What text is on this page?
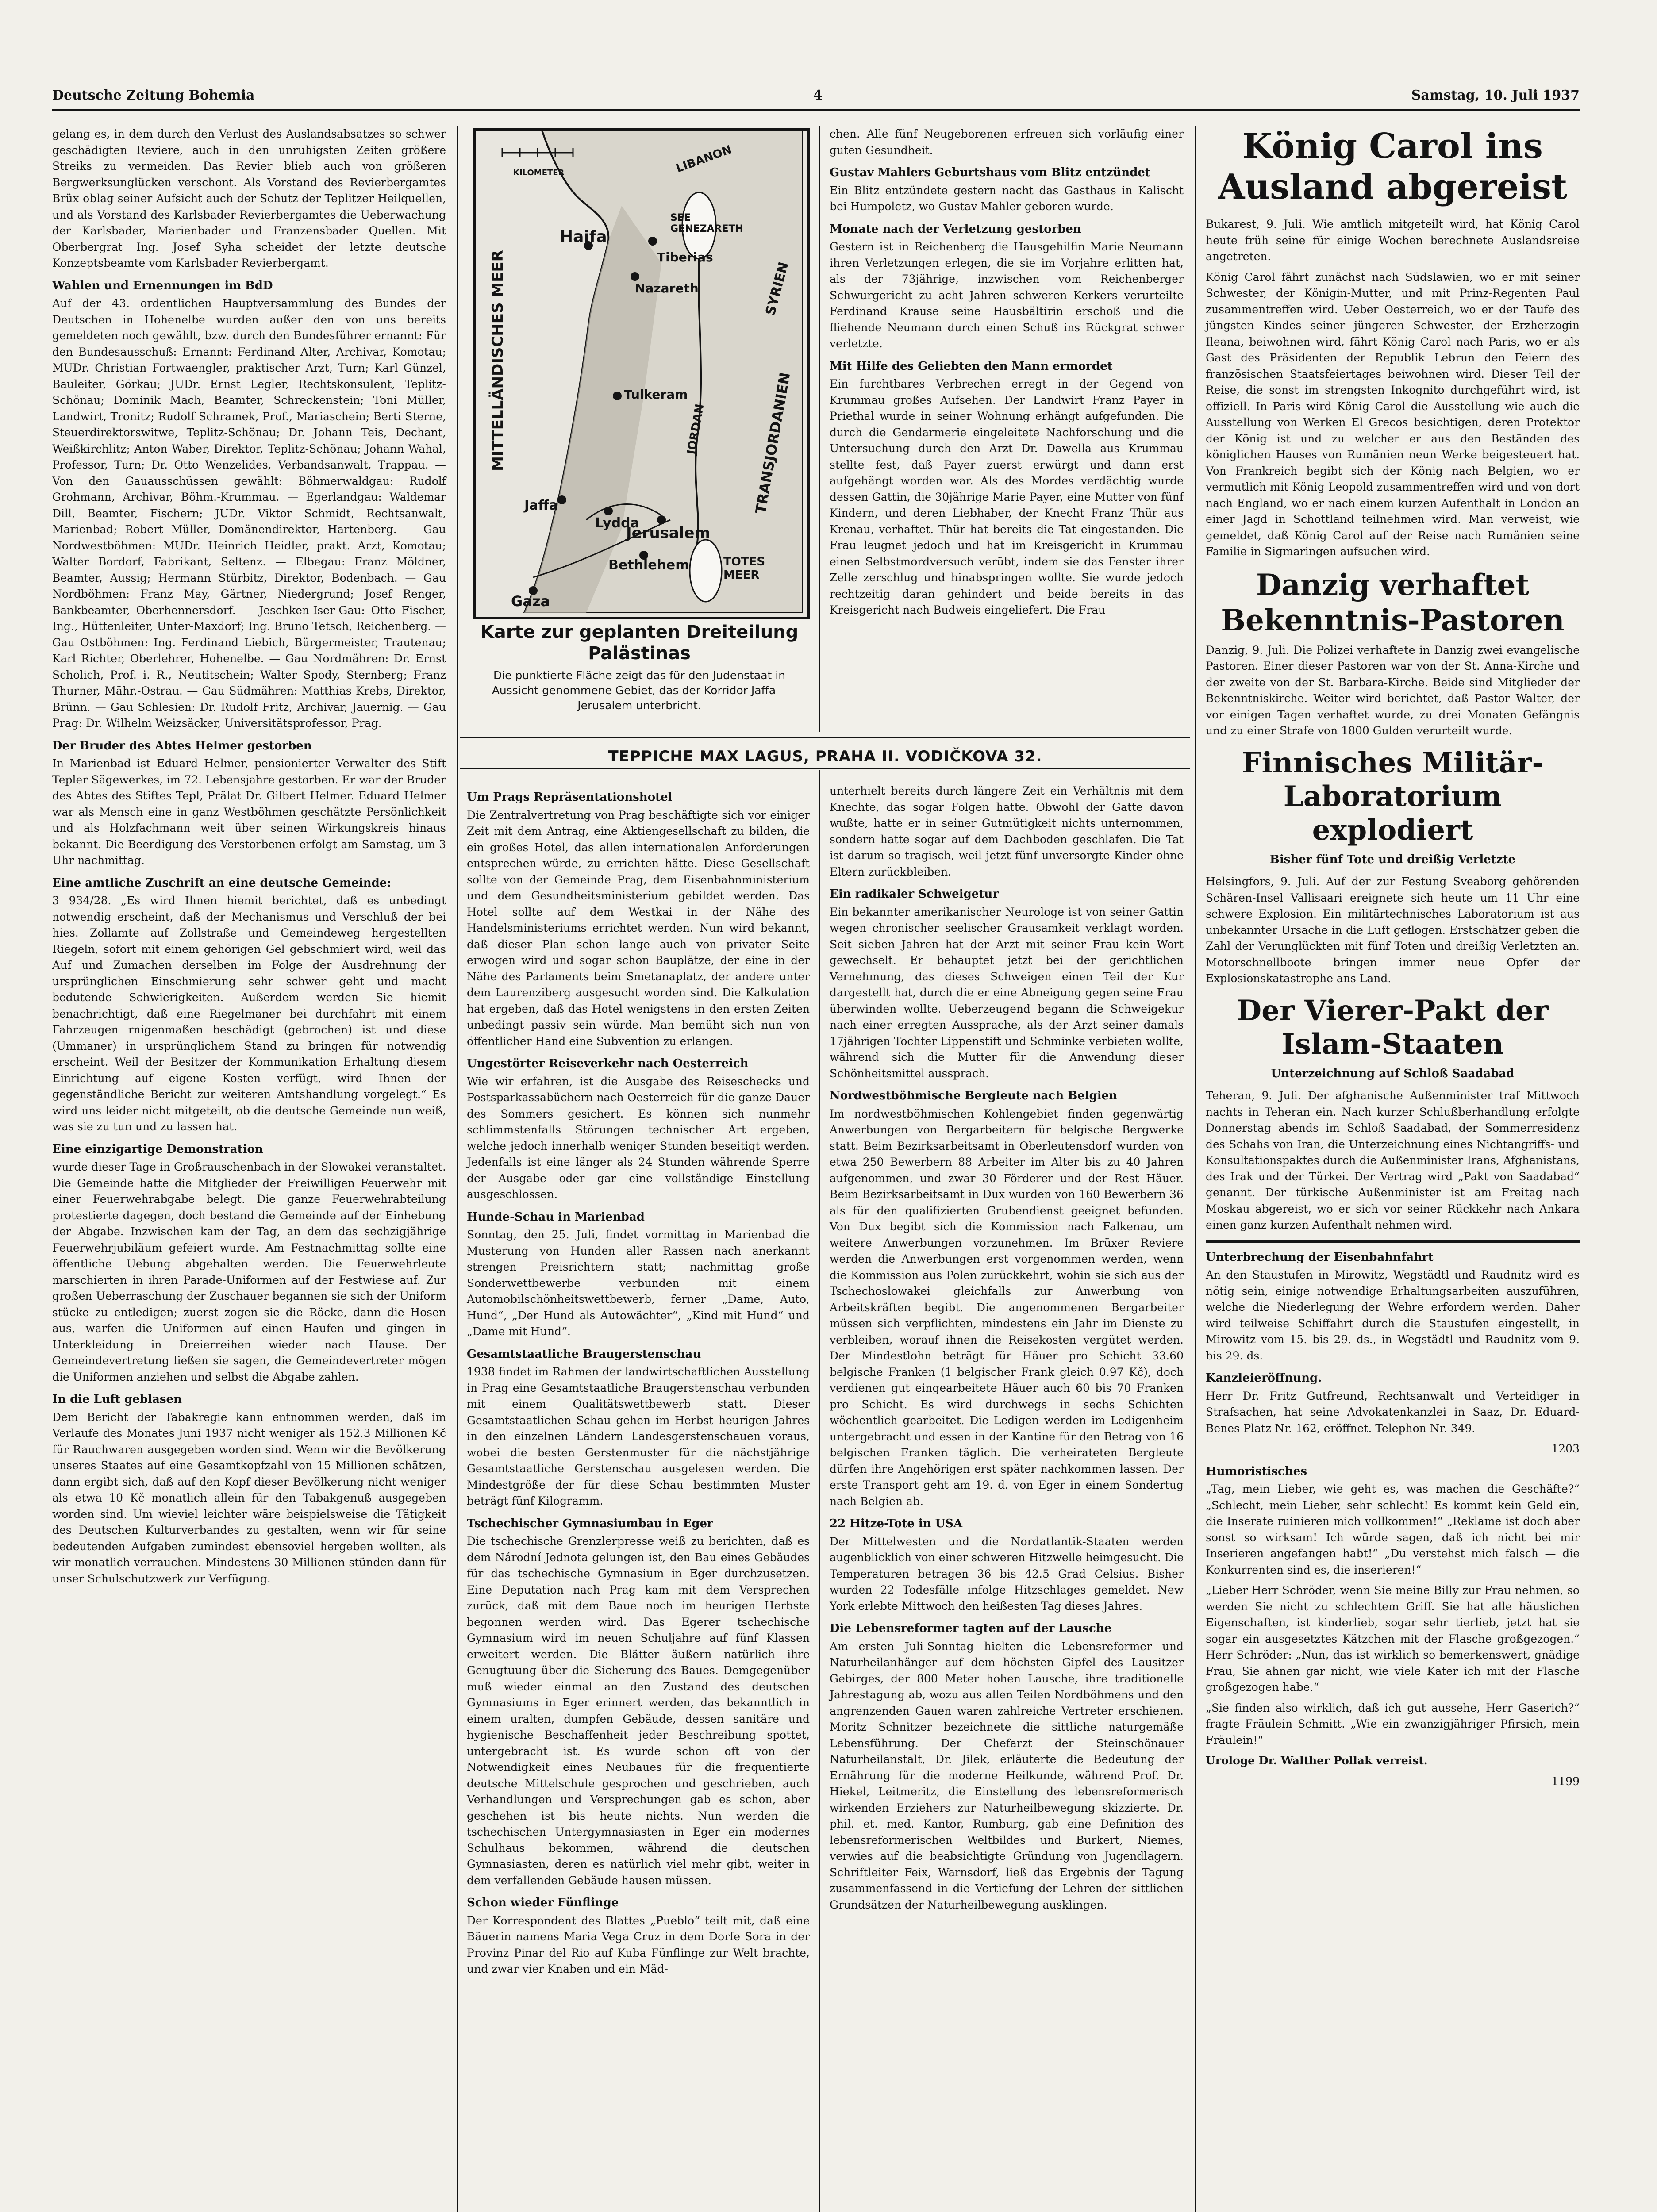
Deutsche Zeitung Bohemia	4	Samstag, 10. Juli 1937

gelang es, in dem durch den Verlust des Auslandsabsatzes so schwer geschädigten Reviere, auch in den unruhigsten Zeiten größere Streiks zu vermeiden. Das Revier blieb auch von größeren Bergwerksunglücken verschont. Als Vorstand des Revierbergamtes Brüx oblag seiner Aufsicht auch der Schutz der Teplitzer Heilquellen, und als Vorstand des Karlsbader Revierbergamtes die Ueberwachung der Karlsbader, Marienbader und Franzensbader Quellen. Mit Oberbergrat Ing. Josef Syha scheidet der letzte deutsche Konzeptsbeamte vom Karlsbader Revierbergamt.

Wahlen und Ernennungen im BdD

Auf der 43. ordentlichen Hauptversammlung des Bundes der Deutschen in Hohenelbe wurden außer den von uns bereits gemeldeten noch gewählt, bzw. durch den Bundesführer ernannt: Für den Bundesausschuß: Ernannt: Ferdinand Alter, Archivar, Komotau; MUDr. Christian Fortwaengler, praktischer Arzt, Turn; Karl Günzel, Bauleiter, Görkau; JUDr. Ernst Legler, Rechtskonsulent, Teplitz-Schönau; Dominik Mach, Beamter, Schreckenstein; Toni Müller, Landwirt, Tronitz; Rudolf Schramek, Prof., Mariaschein; Berti Sterne, Steuerdirektorswitwe, Teplitz-Schönau; Dr. Johann Teis, Dechant, Weißkirchlitz; Anton Waber, Direktor, Teplitz-Schönau; Johann Wahal, Professor, Turn; Dr. Otto Wenzelides, Verbandsanwalt, Trappau. — Von den Gauausschüssen gewählt: Böhmerwaldgau: Rudolf Grohmann, Archivar, Böhm.-Krummau. — Egerlandgau: Waldemar Dill, Beamter, Fischern; JUDr. Viktor Schmidt, Rechtsanwalt, Marienbad; Robert Müller, Domänendirektor, Hartenberg. — Gau Nordwestböhmen: MUDr. Heinrich Heidler, prakt. Arzt, Komotau; Walter Bordorf, Fabrikant, Seltenz. — Elbegau: Franz Möldner, Beamter, Aussig; Hermann Stürbitz, Direktor, Bodenbach. — Gau Nordböhmen: Franz May, Gärtner, Niedergrund; Josef Renger, Bankbeamter, Oberhennersdorf. — Jeschken-Iser-Gau: Otto Fischer, Ing., Hüttenleiter, Unter-Maxdorf; Ing. Bruno Tetsch, Reichenberg. — Gau Ostböhmen: Ing. Ferdinand Liebich, Bürgermeister, Trautenau; Karl Richter, Oberlehrer, Hohenelbe. — Gau Nordmähren: Dr. Ernst Scholich, Prof. i. R., Neutitschein; Walter Spody, Sternberg; Franz Thurner, Mähr.-Ostrau. — Gau Südmähren: Matthias Krebs, Direktor, Brünn. — Gau Schlesien: Dr. Rudolf Fritz, Archivar, Jauernig. — Gau Prag: Dr. Wilhelm Weizsäcker, Universitätsprofessor, Prag.

Der Bruder des Abtes Helmer gestorben

In Marienbad ist Eduard Helmer, pensionierter Verwalter des Stift Tepler Sägewerkes, im 72. Lebensjahre gestorben. Er war der Bruder des Abtes des Stiftes Tepl, Prälat Dr. Gilbert Helmer. Eduard Helmer war als Mensch eine in ganz Westböhmen geschätzte Persönlichkeit und als Holzfachmann weit über seinen Wirkungskreis hinaus bekannt. Die Beerdigung des Verstorbenen erfolgt am Samstag, um 3 Uhr nachmittag.

Eine amtliche Zuschrift an eine deutsche Gemeinde:

3 934/28. „Es wird Ihnen hiemit berichtet, daß es unbedingt notwendig erscheint, daß der Mechanismus und Verschluß der bei hies. Zollamte auf Zollstraße und Gemeindeweg hergestellten Riegeln, sofort mit einem gehörigen Gel gebschmiert wird, weil das Auf und Zumachen derselben im Folge der Ausdrehnung der ursprünglichen Einschmierung sehr schwer geht und macht bedutende Schwierigkeiten. Außerdem werden Sie hiemit benachrichtigt, daß eine Riegelmaner bei durchfahrt mit einem Fahrzeugen rnigenmaßen beschädigt (gebrochen) ist und diese (Ummaner) in ursprünglichem Stand zu bringen für notwendig erscheint. Weil der Besitzer der Kommunikation Erhaltung diesem Einrichtung auf eigene Kosten verfügt, wird Ihnen der gegenständliche Bericht zur weiteren Amtshandlung vorgelegt.“ Es wird uns leider nicht mitgeteilt, ob die deutsche Gemeinde nun weiß, was sie zu tun und zu lassen hat.

Eine einzigartige Demonstration

wurde dieser Tage in Großrauschenbach in der Slowakei veranstaltet. Die Gemeinde hatte die Mitglieder der Freiwilligen Feuerwehr mit einer Feuerwehrabgabe belegt. Die ganze Feuerwehrabteilung protestierte dagegen, doch bestand die Gemeinde auf der Einhebung der Abgabe. Inzwischen kam der Tag, an dem das sechzigjährige Feuerwehrjubiläum gefeiert wurde. Am Festnachmittag sollte eine öffentliche Uebung abgehalten werden. Die Feuerwehrleute marschierten in ihren Parade-Uniformen auf der Festwiese auf. Zur großen Ueberraschung der Zuschauer begannen sie sich der Uniform stücke zu entledigen; zuerst zogen sie die Röcke, dann die Hosen aus, warfen die Uniformen auf einen Haufen und gingen in Unterkleidung in Dreierreihen wieder nach Hause. Der Gemeindevertretung ließen sie sagen, die Gemeindevertreter mögen die Uniformen anziehen und selbst die Abgabe zahlen.

In die Luft geblasen

Dem Bericht der Tabakregie kann entnommen werden, daß im Verlaufe des Monates Juni 1937 nicht weniger als 152.3 Millionen Kč für Rauchwaren ausgegeben worden sind. Wenn wir die Bevölkerung unseres Staates auf eine Gesamtkopfzahl von 15 Millionen schätzen, dann ergibt sich, daß auf den Kopf dieser Bevölkerung nicht weniger als etwa 10 Kč monatlich allein für den Tabakgenuß ausgegeben worden sind. Um wieviel leichter wäre beispielsweise die Tätigkeit des Deutschen Kulturverbandes zu gestalten, wenn wir für seine bedeutenden Aufgaben zumindest ebensoviel hergeben wollten, als wir monatlich verrauchen. Mindestens 30 Millionen stünden dann für unser Schulschutzwerk zur Verfügung.

KILOMETER	LIBANON
SEE GENEZARETH
SYRIEN
Haifa
Tiberias
Nazareth
MITTELLÄNDISCHES MEER	Tulkeram
JORDAN	TRANSJORDANIEN
Jaffa
Lydda
Jerusalem
Bethlehem	TOTES MEER
Gaza
Karte zur geplanten Dreiteilung Palästinas
Die punktierte Fläche zeigt das für den Judenstaat in Aussicht genommene Gebiet, das der Korridor Jaffa—Jerusalem unterbricht.

chen. Alle fünf Neugeborenen erfreuen sich vorläufig einer guten Gesundheit.

Gustav Mahlers Geburtshaus vom Blitz entzündet

Ein Blitz entzündete gestern nacht das Gasthaus in Kalischt bei Humpoletz, wo Gustav Mahler geboren wurde.

Monate nach der Verletzung gestorben

Gestern ist in Reichenberg die Hausgehilfin Marie Neumann ihren Verletzungen erlegen, die sie im Vorjahre erlitten hat, als der 73jährige, inzwischen vom Reichenberger Schwurgericht zu acht Jahren schweren Kerkers verurteilte Ferdinand Krause seine Hausbältirin erschoß und die fliehende Neumann durch einen Schuß ins Rückgrat schwer verletzte.

Mit Hilfe des Geliebten den Mann ermordet

Ein furchtbares Verbrechen erregt in der Gegend von Krummau großes Aufsehen. Der Landwirt Franz Payer in Priethal wurde in seiner Wohnung erhängt aufgefunden. Die durch die Gendarmerie eingeleitete Nachforschung und die Untersuchung durch den Arzt Dr. Dawella aus Krummau stellte fest, daß Payer zuerst erwürgt und dann erst aufgehängt worden war. Als des Mordes verdächtig wurde dessen Gattin, die 30jährige Marie Payer, eine Mutter von fünf Kindern, und deren Liebhaber, der Knecht Franz Thür aus Krenau, verhaftet. Thür hat bereits die Tat eingestanden. Die Frau leugnet jedoch und hat im Kreisgericht in Krummau einen Selbstmordversuch verübt, indem sie das Fenster ihrer Zelle zerschlug und hinabspringen wollte. Sie wurde jedoch rechtzeitig daran gehindert und beide bereits in das Kreisgericht nach Budweis eingeliefert. Die Frau

TEPPICHE MAX LAGUS, PRAHA II. VODIČKOVA 32.
Um Prags Repräsentationshotel

Die Zentralvertretung von Prag beschäftigte sich vor einiger Zeit mit dem Antrag, eine Aktiengesellschaft zu bilden, die ein großes Hotel, das allen internationalen Anforderungen entsprechen würde, zu errichten hätte. Diese Gesellschaft sollte von der Gemeinde Prag, dem Eisenbahnministerium und dem Gesundheitsministerium gebildet werden. Das Hotel sollte auf dem Westkai in der Nähe des Handelsministeriums errichtet werden. Nun wird bekannt, daß dieser Plan schon lange auch von privater Seite erwogen wird und sogar schon Bauplätze, der eine in der Nähe des Parlaments beim Smetanaplatz, der andere unter dem Laurenziberg ausgesucht worden sind. Die Kalkulation hat ergeben, daß das Hotel wenigstens in den ersten Zeiten unbedingt passiv sein würde. Man bemüht sich nun von öffentlicher Hand eine Subvention zu erlangen.

Ungestörter Reiseverkehr nach Oesterreich

Wie wir erfahren, ist die Ausgabe des Reiseschecks und Postsparkassabüchern nach Oesterreich für die ganze Dauer des Sommers gesichert. Es können sich nunmehr schlimmstenfalls Störungen technischer Art ergeben, welche jedoch innerhalb weniger Stunden beseitigt werden. Jedenfalls ist eine länger als 24 Stunden währende Sperre der Ausgabe oder gar eine vollständige Einstellung ausgeschlossen.

Hunde-Schau in Marienbad

Sonntag, den 25. Juli, findet vormittag in Marienbad die Musterung von Hunden aller Rassen nach anerkannt strengen Preisrichtern statt; nachmittag große Sonderwettbewerbe verbunden mit einem Automobilschönheitswettbewerb, ferner „Dame, Auto, Hund“, „Der Hund als Autowächter“, „Kind mit Hund“ und „Dame mit Hund“.

Gesamtstaatliche Braugerstenschau

1938 findet im Rahmen der landwirtschaftlichen Ausstellung in Prag eine Gesamtstaatliche Braugerstenschau verbunden mit einem Qualitätswettbewerb statt. Dieser Gesamtstaatlichen Schau gehen im Herbst heurigen Jahres in den einzelnen Ländern Landesgerstenschauen voraus, wobei die besten Gerstenmuster für die nächstjährige Gesamtstaatliche Gerstenschau ausgelesen werden. Die Mindestgröße der für diese Schau bestimmten Muster beträgt fünf Kilogramm.

Tschechischer Gymnasiumbau in Eger

Die tschechische Grenzlerpresse weiß zu berichten, daß es dem Národní Jednota gelungen ist, den Bau eines Gebäudes für das tschechische Gymnasium in Eger durchzusetzen. Eine Deputation nach Prag kam mit dem Versprechen zurück, daß mit dem Baue noch im heurigen Herbste begonnen werden wird. Das Egerer tschechische Gymnasium wird im neuen Schuljahre auf fünf Klassen erweitert werden. Die Blätter äußern natürlich ihre Genugtuung über die Sicherung des Baues. Demgegenüber muß wieder einmal an den Zustand des deutschen Gymnasiums in Eger erinnert werden, das bekanntlich in einem uralten, dumpfen Gebäude, dessen sanitäre und hygienische Beschaffenheit jeder Beschreibung spottet, untergebracht ist. Es wurde schon oft von der Notwendigkeit eines Neubaues für die frequentierte deutsche Mittelschule gesprochen und geschrieben, auch Verhandlungen und Versprechungen gab es schon, aber geschehen ist bis heute nichts. Nun werden die tschechischen Untergymnasiasten in Eger ein modernes Schulhaus bekommen, während die deutschen Gymnasiasten, deren es natürlich viel mehr gibt, weiter in dem verfallenden Gebäude hausen müssen.

Schon wieder Fünflinge

Der Korrespondent des Blattes „Pueblo“ teilt mit, daß eine Bäuerin namens Maria Vega Cruz in dem Dorfe Sora in der Provinz Pinar del Rio auf Kuba Fünflinge zur Welt brachte, und zwar vier Knaben und ein Mäd-

unterhielt bereits durch längere Zeit ein Verhältnis mit dem Knechte, das sogar Folgen hatte. Obwohl der Gatte davon wußte, hatte er in seiner Gutmütigkeit nichts unternommen, sondern hatte sogar auf dem Dachboden geschlafen. Die Tat ist darum so tragisch, weil jetzt fünf unversorgte Kinder ohne Eltern zurückbleiben.

Ein radikaler Schweigetur

Ein bekannter amerikanischer Neurologe ist von seiner Gattin wegen chronischer seelischer Grausamkeit verklagt worden. Seit sieben Jahren hat der Arzt mit seiner Frau kein Wort gewechselt. Er behauptet jetzt bei der gerichtlichen Vernehmung, das dieses Schweigen einen Teil der Kur dargestellt hat, durch die er eine Abneigung gegen seine Frau überwinden wollte. Ueberzeugend begann die Schweigekur nach einer erregten Aussprache, als der Arzt seiner damals 17jährigen Tochter Lippenstift und Schminke verbieten wollte, während sich die Mutter für die Anwendung dieser Schönheitsmittel aussprach.

Nordwestböhmische Bergleute nach Belgien

Im nordwestböhmischen Kohlengebiet finden gegenwärtig Anwerbungen von Bergarbeitern für belgische Bergwerke statt. Beim Bezirksarbeitsamt in Oberleutensdorf wurden von etwa 250 Bewerbern 88 Arbeiter im Alter bis zu 40 Jahren aufgenommen, und zwar 30 Förderer und der Rest Häuer. Beim Bezirksarbeitsamt in Dux wurden von 160 Bewerbern 36 als für den qualifizierten Grubendienst geeignet befunden. Von Dux begibt sich die Kommission nach Falkenau, um weitere Anwerbungen vorzunehmen. Im Brüxer Reviere werden die Anwerbungen erst vorgenommen werden, wenn die Kommission aus Polen zurückkehrt, wohin sie sich aus der Tschechoslowakei gleichfalls zur Anwerbung von Arbeitskräften begibt. Die angenommenen Bergarbeiter müssen sich verpflichten, mindestens ein Jahr im Dienste zu verbleiben, worauf ihnen die Reisekosten vergütet werden. Der Mindestlohn beträgt für Häuer pro Schicht 33.60 belgische Franken (1 belgischer Frank gleich 0.97 Kč), doch verdienen gut eingearbeitete Häuer auch 60 bis 70 Franken pro Schicht. Es wird durchwegs in sechs Schichten wöchentlich gearbeitet. Die Ledigen werden im Ledigenheim untergebracht und essen in der Kantine für den Betrag von 16 belgischen Franken täglich. Die verheirateten Bergleute dürfen ihre Angehörigen erst später nachkommen lassen. Der erste Transport geht am 19. d. von Eger in einem Sondertug nach Belgien ab.

22 Hitze-Tote in USA

Der Mittelwesten und die Nordatlantik-Staaten werden augenblicklich von einer schweren Hitzwelle heimgesucht. Die Temperaturen betragen 36 bis 42.5 Grad Celsius. Bisher wurden 22 Todesfälle infolge Hitzschlages gemeldet. New York erlebte Mittwoch den heißesten Tag dieses Jahres.

Die Lebensreformer tagten auf der Lausche

Am ersten Juli-Sonntag hielten die Lebensreformer und Naturheilanhänger auf dem höchsten Gipfel des Lausitzer Gebirges, der 800 Meter hohen Lausche, ihre traditionelle Jahrestagung ab, wozu aus allen Teilen Nordböhmens und den angrenzenden Gauen waren zahlreiche Vertreter erschienen. Moritz Schnitzer bezeichnete die sittliche naturgemäße Lebensführung. Der Chefarzt der Steinschönauer Naturheilanstalt, Dr. Jilek, erläuterte die Bedeutung der Ernährung für die moderne Heilkunde, während Prof. Dr. Hiekel, Leitmeritz, die Einstellung des lebensreformerisch wirkenden Erziehers zur Naturheilbewegung skizzierte. Dr. phil. et. med. Kantor, Rumburg, gab eine Definition des lebensreformerischen Weltbildes und Burkert, Niemes, verwies auf die beabsichtigte Gründung von Jugendlagern. Schriftleiter Feix, Warnsdorf, ließ das Ergebnis der Tagung zusammenfassend in die Vertiefung der Lehren der sittlichen Grundsätzen der Naturheilbewegung ausklingen.

König Carol ins Ausland abgereist

Bukarest, 9. Juli. Wie amtlich mitgeteilt wird, hat König Carol heute früh seine für einige Wochen berechnete Auslandsreise angetreten.

König Carol fährt zunächst nach Südslawien, wo er mit seiner Schwester, der Königin-Mutter, und mit Prinz-Regenten Paul zusammentreffen wird. Ueber Oesterreich, wo er der Taufe des jüngsten Kindes seiner jüngeren Schwester, der Erzherzogin Ileana, beiwohnen wird, fährt König Carol nach Paris, wo er als Gast des Präsidenten der Republik Lebrun den Feiern des französischen Staatsfeiertages beiwohnen wird. Dieser Teil der Reise, die sonst im strengsten Inkognito durchgeführt wird, ist offiziell. In Paris wird König Carol die Ausstellung wie auch die Ausstellung von Werken El Grecos besichtigen, deren Protektor der König ist und zu welcher er aus den Beständen des königlichen Hauses von Rumänien neun Werke beigesteuert hat. Von Frankreich begibt sich der König nach Belgien, wo er vermutlich mit König Leopold zusammentreffen wird und von dort nach England, wo er nach einem kurzen Aufenthalt in London an einer Jagd in Schottland teilnehmen wird. Man verweist, wie gemeldet, daß König Carol auf der Reise nach Rumänien seine Familie in Sigmaringen aufsuchen wird.

Danzig verhaftet Bekenntnis-Pastoren

Danzig, 9. Juli. Die Polizei verhaftete in Danzig zwei evangelische Pastoren. Einer dieser Pastoren war von der St. Anna-Kirche und der zweite von der St. Barbara-Kirche. Beide sind Mitglieder der Bekenntniskirche. Weiter wird berichtet, daß Pastor Walter, der vor einigen Tagen verhaftet wurde, zu drei Monaten Gefängnis und zu einer Strafe von 1800 Gulden verurteilt wurde.

Finnisches Militär-Laboratorium explodiert
Bisher fünf Tote und dreißig Verletzte

Helsingfors, 9. Juli. Auf der zur Festung Sveaborg gehörenden Schären-Insel Vallisaari ereignete sich heute um 11 Uhr eine schwere Explosion. Ein militärtechnisches Laboratorium ist aus unbekannter Ursache in die Luft geflogen. Erstschätzer geben die Zahl der Verunglückten mit fünf Toten und dreißig Verletzten an. Motorschnellboote bringen immer neue Opfer der Explosionskatastrophe ans Land.

Der Vierer-Pakt der Islam-Staaten
Unterzeichnung auf Schloß Saadabad

Teheran, 9. Juli. Der afghanische Außenminister traf Mittwoch nachts in Teheran ein. Nach kurzer Schlußberhandlung erfolgte Donnerstag abends im Schloß Saadabad, der Sommerresidenz des Schahs von Iran, die Unterzeichnung eines Nichtangriffs- und Konsultationspaktes durch die Außenminister Irans, Afghanistans, des Irak und der Türkei. Der Vertrag wird „Pakt von Saadabad“ genannt. Der türkische Außenminister ist am Freitag nach Moskau abgereist, wo er sich vor seiner Rückkehr nach Ankara einen ganz kurzen Aufenthalt nehmen wird.

Unterbrechung der Eisenbahnfahrt

An den Staustufen in Mirowitz, Wegstädtl und Raudnitz wird es nötig sein, einige notwendige Erhaltungsarbeiten auszuführen, welche die Niederlegung der Wehre erfordern werden. Daher wird teilweise Schiffahrt durch die Staustufen eingestellt, in Mirowitz vom 15. bis 29. ds., in Wegstädtl und Raudnitz vom 9. bis 29. ds.

Kanzleieröffnung.

Herr Dr. Fritz Gutfreund, Rechtsanwalt und Verteidiger in Strafsachen, hat seine Advokatenkanzlei in Saaz, Dr. Eduard-Benes-Platz Nr. 162, eröffnet. Telephon Nr. 349.

1203

Humoristisches

„Tag, mein Lieber, wie geht es, was machen die Geschäfte?“ „Schlecht, mein Lieber, sehr schlecht! Es kommt kein Geld ein, die Inserate ruinieren mich vollkommen!“ „Reklame ist doch aber sonst so wirksam! Ich würde sagen, daß ich nicht bei mir Inserieren angefangen habt!“ „Du verstehst mich falsch — die Konkurrenten sind es, die inserieren!“

„Lieber Herr Schröder, wenn Sie meine Billy zur Frau nehmen, so werden Sie nicht zu schlechtem Griff. Sie hat alle häuslichen Eigenschaften, ist kinderlieb, sogar sehr tierlieb, jetzt hat sie sogar ein ausgesetztes Kätzchen mit der Flasche großgezogen.“ Herr Schröder: „Nun, das ist wirklich so bemerkenswert, gnädige Frau, Sie ahnen gar nicht, wie viele Kater ich mit der Flasche großgezogen habe.“

„Sie finden also wirklich, daß ich gut aussehe, Herr Gaserich?“ fragte Fräulein Schmitt. „Wie ein zwanzigjähriger Pfirsich, mein Fräulein!“

Urologe Dr. Walther Pollak verreist.

1199
